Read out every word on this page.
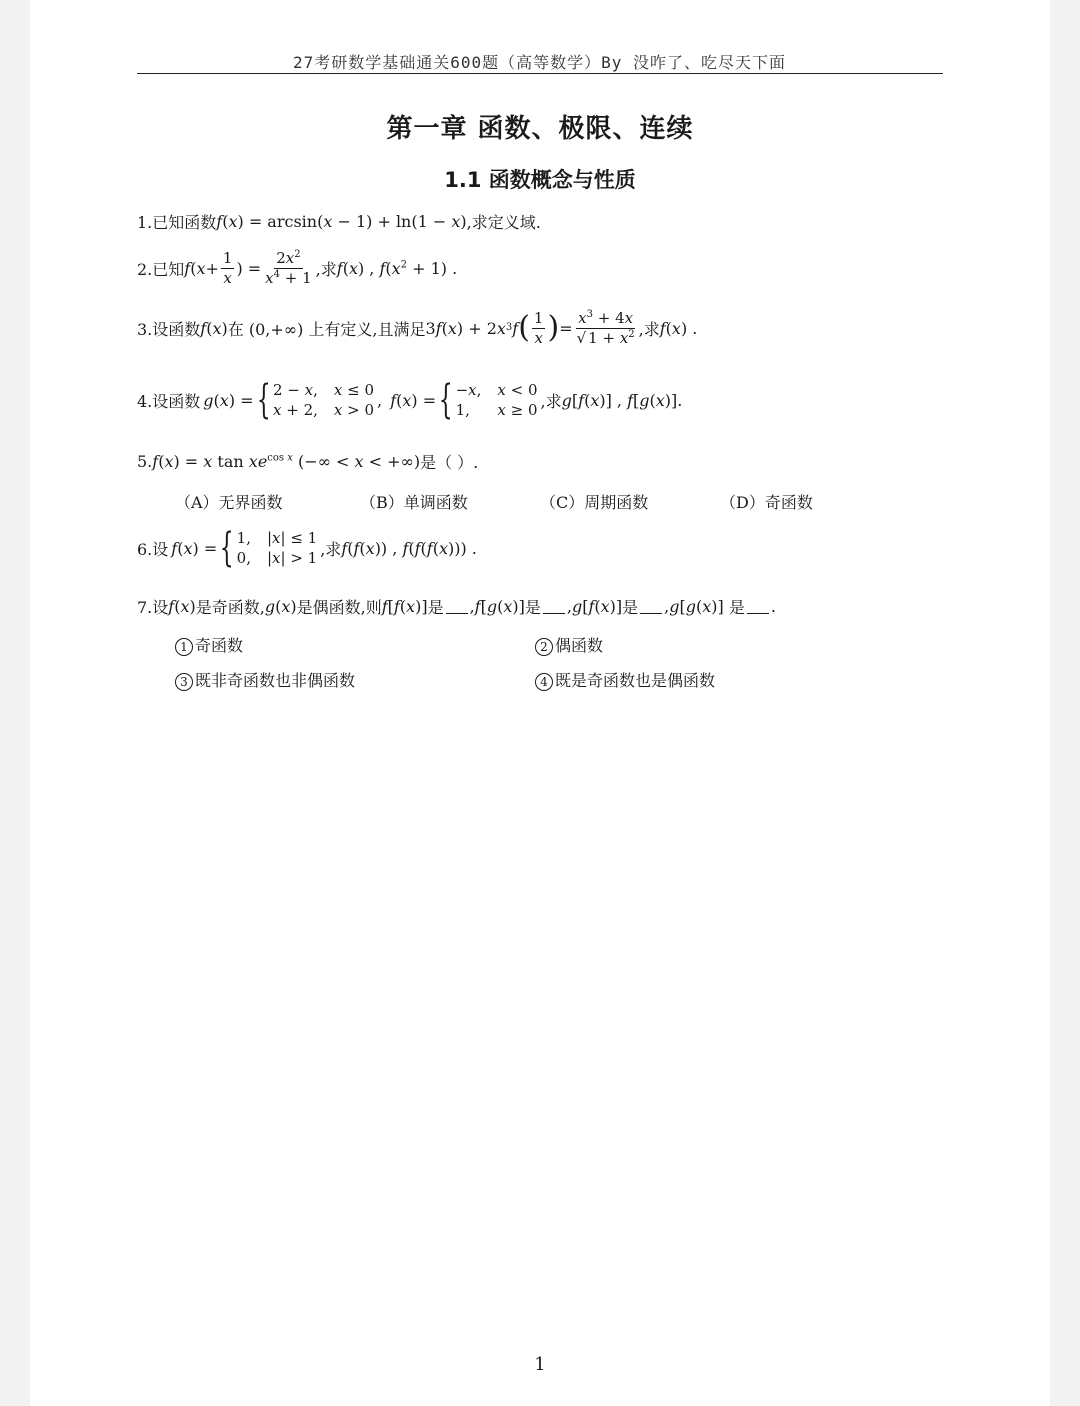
27考研数学基础通关600题（高等数学）By 没咋了、吃尽天下面
第一章 函数、极限、连续
1.1 函数概念与性质
1.已知函数 f(x) = arcsin(x − 1) + ln(1 − x) ,求定义域.
2.已知 f ( $x + \frac{1}{x}$ ) = $\frac{2x^2}{x^4 + 1}$ ,求 f(x) , $f(x^2 + 1)$ .
3.设函数 f(x) 在 (0,+∞) 上有定义,且满足 3 f ( x ) + 2 x 3 f ( $\frac{1}{x}$ ) = $\frac{x^3 + 4x}{√ 1 + x^2}$ ,求 f(x) .
4.设函数 g ( x ) = { 2 − x, x ≤ 0
x + 2, x > 0
, f ( x ) = { −x, x < 0
1,	x ≥ 0 ,求 g[f(x)] , f[g(x)].
5. f(x) = x $\tan xe^{cos x}$ (−∞ < x < +∞) 是（ ）.
（A）无界函数	（B）单调函数	（C）周期函数	（D）奇函数
6.设 f ( x ) = { 1, |x| ≤ 1
0, |x| > 1 ,求 f(f(x)) , f(f(f(x))) .
7.设 f ( x ) 是奇函数, g ( x ) 是偶函数,则 f [ f ( x )] 是 , f [ g ( x )] 是 , g [ f ( x )] 是 , g [ g ( x )] 是 .
1 奇函数	2 偶函数
3 既非奇函数也非偶函数	4 既是奇函数也是偶函数
1
